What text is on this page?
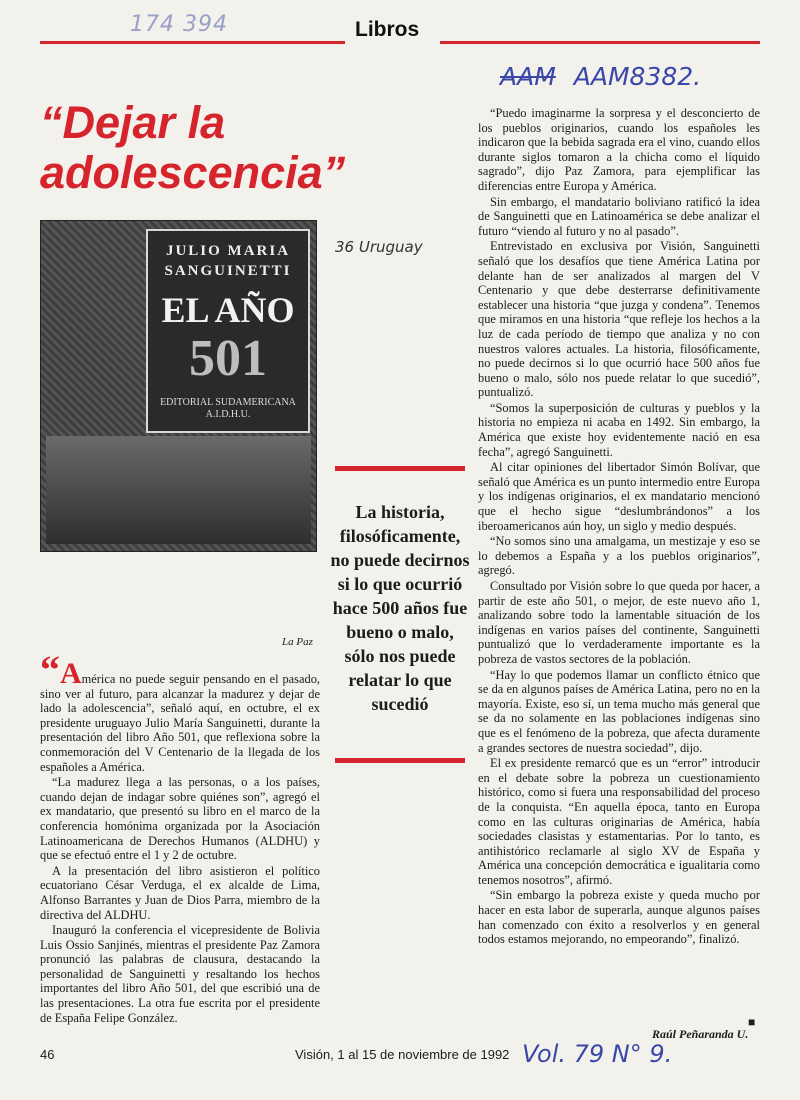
174 394	Libros
AAM AAM8382.
“Dejar la adolescencia”
JULIO MARIA SANGUINETTI
EL AÑO
501
EDITORIAL SUDAMERICANA A.I.D.H.U.
36 Uruguay
La Paz
La historia, filosóficamente, no puede decirnos si lo que ocurrió hace 500 años fue bueno o malo, sólo nos puede relatar lo que sucedió

“América no puede seguir pensando en el pasado, sino ver al futuro, para alcanzar la madurez y dejar de lado la adolescencia”, señaló aquí, en octubre, el ex presidente uruguayo Julio María Sanguinetti, durante la presentación del libro Año 501, que reflexiona sobre la conmemoración del V Centenario de la llegada de los españoles a América.

“La madurez llega a las personas, o a los países, cuando dejan de indagar sobre quiénes son”, agregó el ex mandatario, que presentó su libro en el marco de la conferencia homónima organizada por la Asociación Latinoamericana de Derechos Humanos (ALDHU) y que se efectuó entre el 1 y 2 de octubre.

A la presentación del libro asistieron el político ecuatoriano César Verduga, el ex alcalde de Lima, Alfonso Barrantes y Juan de Dios Parra, miembro de la directiva del ALDHU.

Inauguró la conferencia el vicepresidente de Bolivia Luis Ossio Sanjinés, mientras el presidente Paz Zamora pronunció las palabras de clausura, destacando la personalidad de Sanguinetti y resaltando los hechos importantes del libro Año 501, del que escribió una de las presentaciones. La otra fue escrita por el presidente de España Felipe González.

“Puedo imaginarme la sorpresa y el desconcierto de los pueblos originarios, cuando los españoles les indicaron que la bebida sagrada era el vino, cuando ellos durante siglos tomaron a la chicha como el líquido sagrado”, dijo Paz Zamora, para ejemplificar las diferencias entre Europa y América.

Sin embargo, el mandatario boliviano ratificó la idea de Sanguinetti que en Latinoamérica se debe analizar el futuro “viendo al futuro y no al pasado”.

Entrevistado en exclusiva por Visión, Sanguinetti señaló que los desafíos que tiene América Latina por delante han de ser analizados al margen del V Centenario y que debe desterrarse definitivamente establecer una historia “que juzga y condena”. Tenemos que miramos en una historia “que refleje los hechos a la luz de cada período de tiempo que analiza y no con nuestros valores actuales. La historia, filosóficamente, no puede decirnos si lo que ocurrió hace 500 años fue bueno o malo, sólo nos puede relatar lo que sucedió”, puntualizó.

“Somos la superposición de culturas y pueblos y la historia no empieza ni acaba en 1492. Sin embargo, la América que existe hoy evidentemente nació en esa fecha”, agregó Sanguinetti.

Al citar opiniones del libertador Simón Bolívar, que señaló que América es un punto intermedio entre Europa y los indígenas originarios, el ex mandatario mencionó que el hecho sigue “deslumbrándonos” a los iberoamericanos aún hoy, un siglo y medio después.

“No somos sino una amalgama, un mestizaje y eso se lo debemos a España y a los pueblos originarios”, agregó.

Consultado por Visión sobre lo que queda por hacer, a partir de este año 501, o mejor, de este nuevo año 1, analizando sobre todo la lamentable situación de los indígenas en varios países del continente, Sanguinetti puntualizó que lo verdaderamente importante es la pobreza de vastos sectores de la población.

“Hay lo que podemos llamar un conflicto étnico que se da en algunos países de América Latina, pero no en la mayoría. Existe, eso sí, un tema mucho más general que se da no solamente en las poblaciones indígenas sino que es el fenómeno de la pobreza, que afecta duramente a grandes sectores de nuestra sociedad”, dijo.

El ex presidente remarcó que es un “error” introducir en el debate sobre la pobreza un cuestionamiento histórico, como si fuera una responsabilidad del proceso de la conquista. “En aquella época, tanto en Europa como en las culturas originarias de América, había sociedades clasistas y estamentarias. Por lo tanto, es antihistórico reclamarle al siglo XV de España y América una concepción democrática e igualitaria como tenemos nosotros”, afirmó.

“Sin embargo la pobreza existe y queda mucho por hacer en esta labor de superarla, aunque algunos países han comenzado con éxito a resolverlos y en general todos estamos mejorando, no empeorando”, finalizó.

■
Raúl Peñaranda U.
46	Visión, 1 al 15 de noviembre de 1992 Vol. 79 N° 9.
